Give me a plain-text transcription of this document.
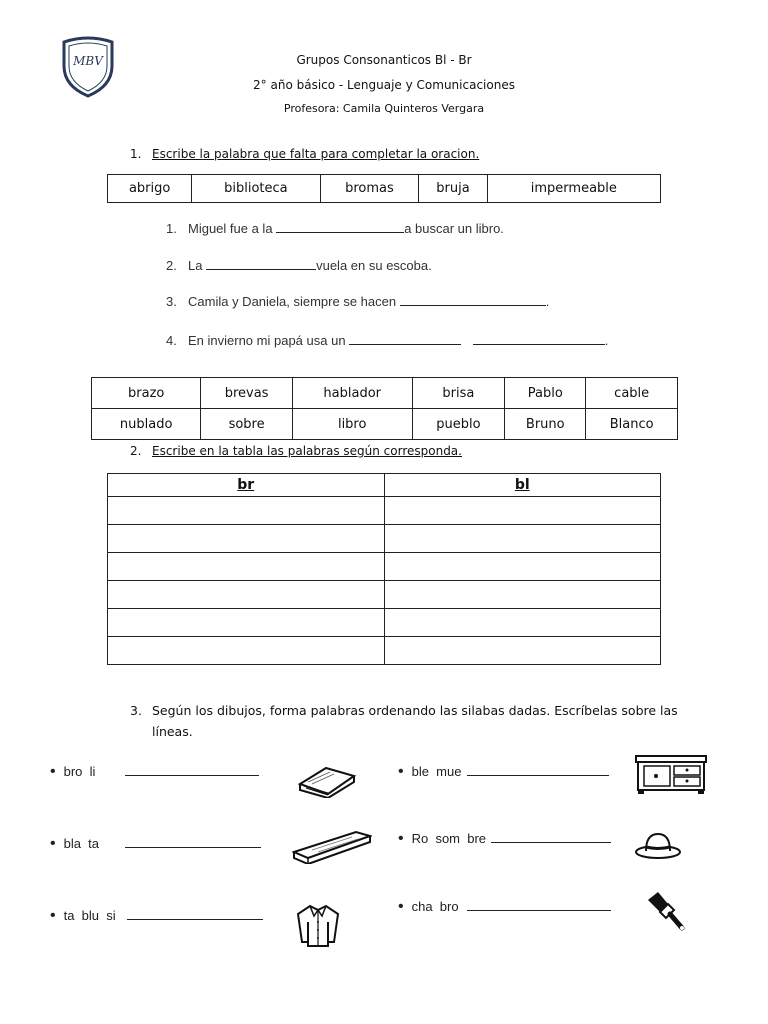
MBV	Grupos Consonanticos Bl - Br
2° año básico - Lenguaje y Comunicaciones
Profesora: Camila Quinteros Vergara
1. Escribe la palabra que falta para completar la oracion.
abrigo	biblioteca	bromas	bruja	impermeable
1. Miguel fue a la	a buscar un libro.
2. La	vuela en su escoba.
3. Camila y Daniela, siempre se hacen	.
4. En invierno mi papá usa un	.
brazo	brevas	hablador	brisa	Pablo	cable
nublado	sobre	libro	pueblo	Bruno	Blanco
2. Escribe en la tabla las palabras según corresponda.
br	bl

3. Según los dibujos, forma palabras ordenando las silabas dadas. Escríbelas sobre las
líneas.
• bro  li	• ble  mue
• bla  ta	• Ro  som  bre
• ta  blu  si
• cha  bro
